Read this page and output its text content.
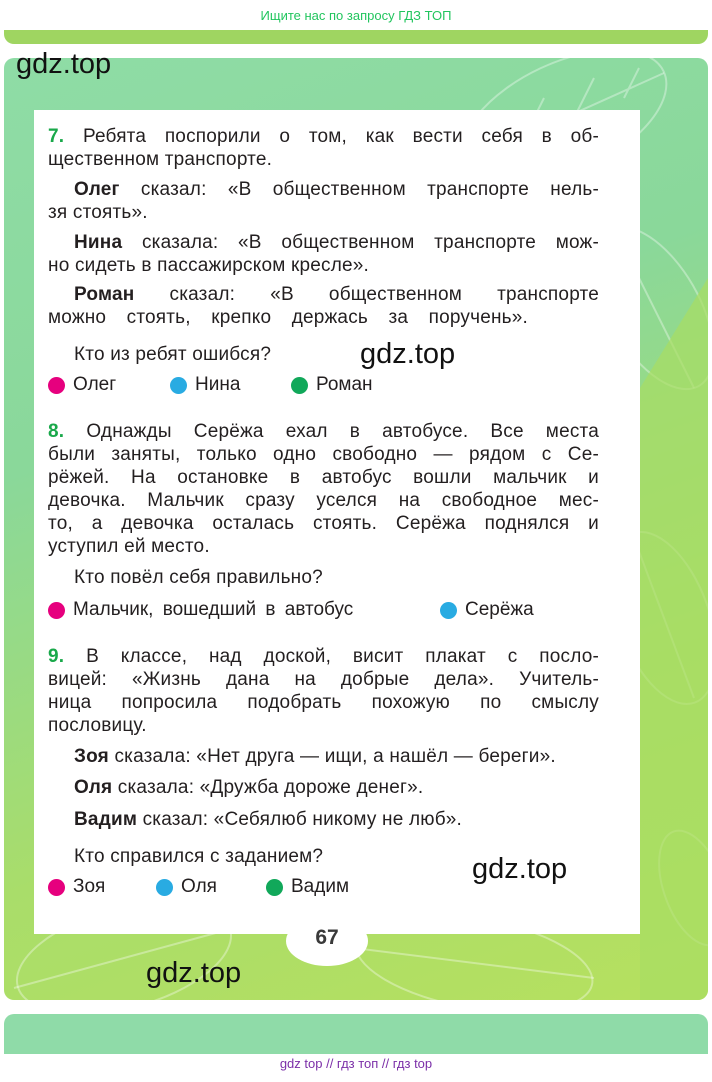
Ищите нас по запросу ГДЗ ТОП
gdz.top
gdz.top
gdz.top
gdz.top
7. Ребята поспорили о том, как вести себя в об-
щественном транспорте.
Олег сказал: «В общественном транспорте нель-
зя стоять».
Нина сказала: «В общественном транспорте мож-
но сидеть в пассажирском кресле».
Роман сказал: «В общественном транспорте
можно стоять, крепко держась за поручень».
Кто из ребят ошибся?
Олег	Нина	Роман
8. Однажды Серёжа ехал в автобусе. Все места
были заняты, только одно свободно — рядом с Се-
рёжей. На остановке в автобус вошли мальчик и
девочка. Мальчик сразу уселся на свободное мес-
то, а девочка осталась стоять. Серёжа поднялся и
уступил ей место.
Кто повёл себя правильно?
Мальчик, вошедший в автобус	Серёжа
9. В классе, над доской, висит плакат с посло-
вицей: «Жизнь дана на добрые дела». Учитель-
ница попросила подобрать похожую по смыслу
пословицу.
Зоя сказала: «Нет друга — ищи, а нашёл — береги».
Оля сказала: «Дружба дороже денег».
Вадим сказал: «Себялюб никому не люб».
Кто справился с заданием?
Зоя	Оля	Вадим
67
gdz top // гдз топ // гдз top
